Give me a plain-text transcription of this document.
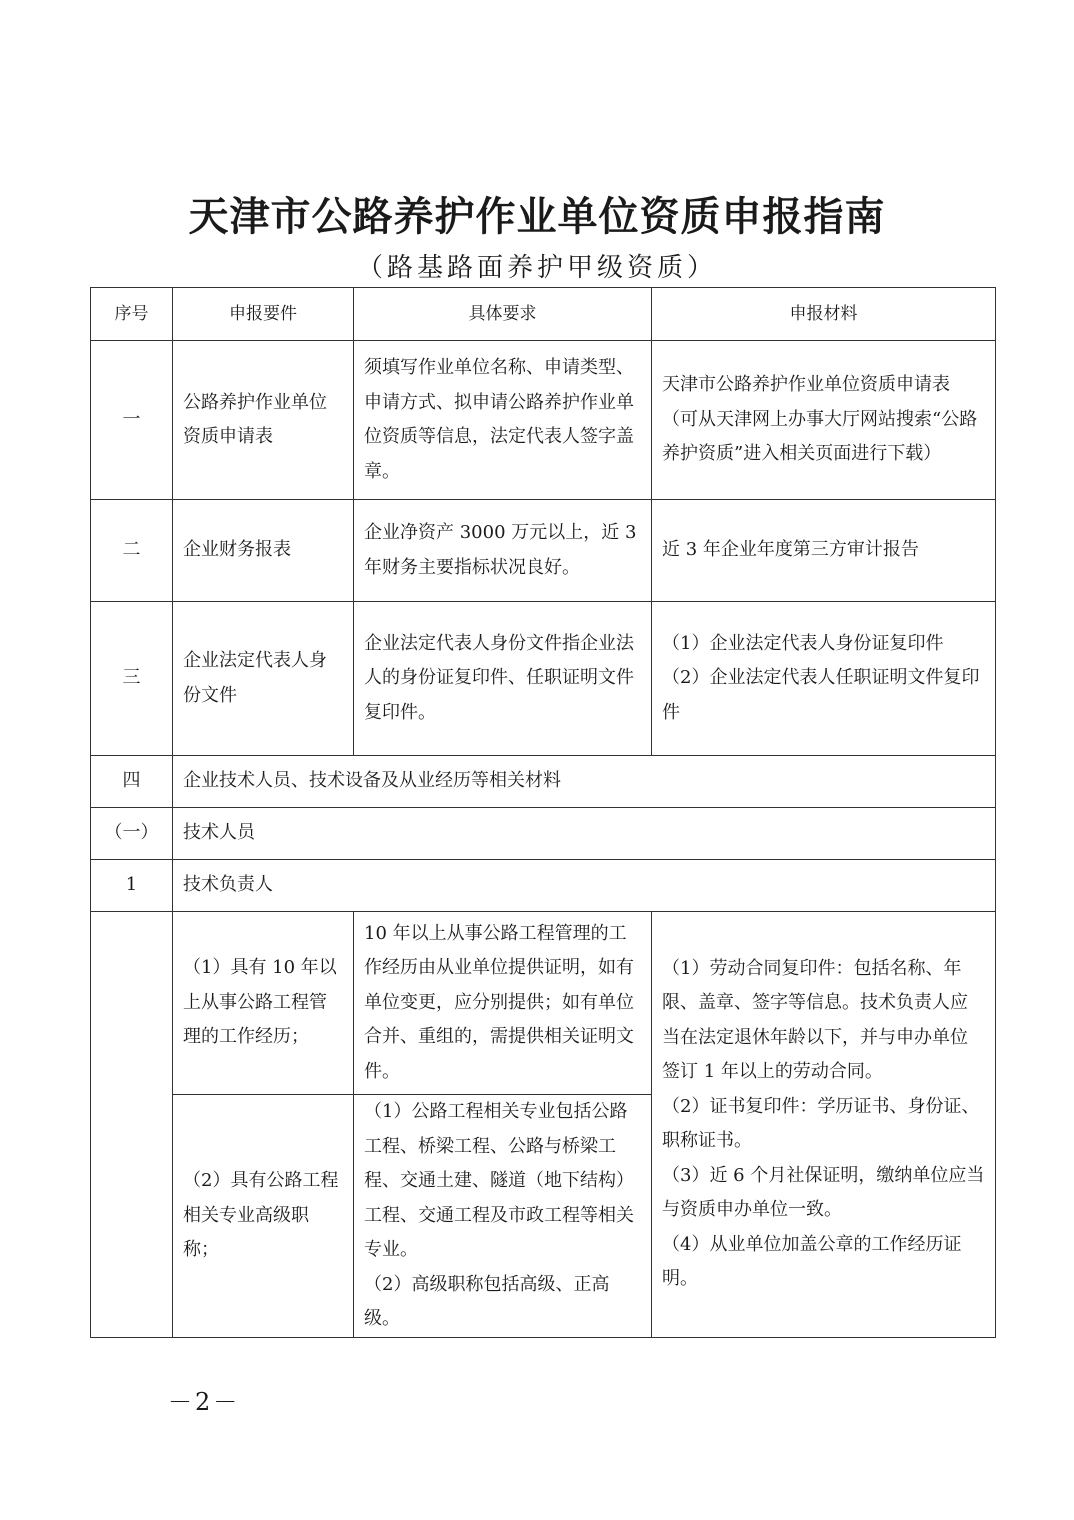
天津市公路养护作业单位资质申报指南
（路基路面养护甲级资质）
序号	申报要件	具体要求	申报材料
一	公路养护作业单位资质申请表	须填写作业单位名称、申请类型、申请方式、拟申请公路养护作业单位资质等信息，法定代表人签字盖章。	天津市公路养护作业单位资质申请表（可从天津网上办事大厅网站搜索“公路养护资质”进入相关页面进行下载）
二	企业财务报表	企业净资产 3000 万元以上，近 3 年财务主要指标状况良好。	近 3 年企业年度第三方审计报告
三	企业法定代表人身份文件	企业法定代表人身份文件指企业法人的身份证复印件、任职证明文件复印件。	（1）企业法定代表人身份证复印件
（2）企业法定代表人任职证明文件复印件
四	企业技术人员、技术设备及从业经历等相关材料		
（一）	技术人员		
1	技术负责人		
	（1）具有 10 年以上从事公路工程管理的工作经历；	10 年以上从事公路工程管理的工作经历由从业单位提供证明，如有单位变更，应分别提供；如有单位合并、重组的，需提供相关证明文件。	（1）劳动合同复印件：包括名称、年限、盖章、签字等信息。技术负责人应当在法定退休年龄以下，并与申办单位签订 1 年以上的劳动合同。
（2）证书复印件：学历证书、身份证、职称证书。
（3）近 6 个月社保证明，缴纳单位应当与资质申办单位一致。
（4）从业单位加盖公章的工作经历证明。
	（2）具有公路工程相关专业高级职称；	（1）公路工程相关专业包括公路工程、桥梁工程、公路与桥梁工程、交通土建、隧道（地下结构）工程、交通工程及市政工程等相关专业。
（2）高级职称包括高级、正高级。	
－2－
